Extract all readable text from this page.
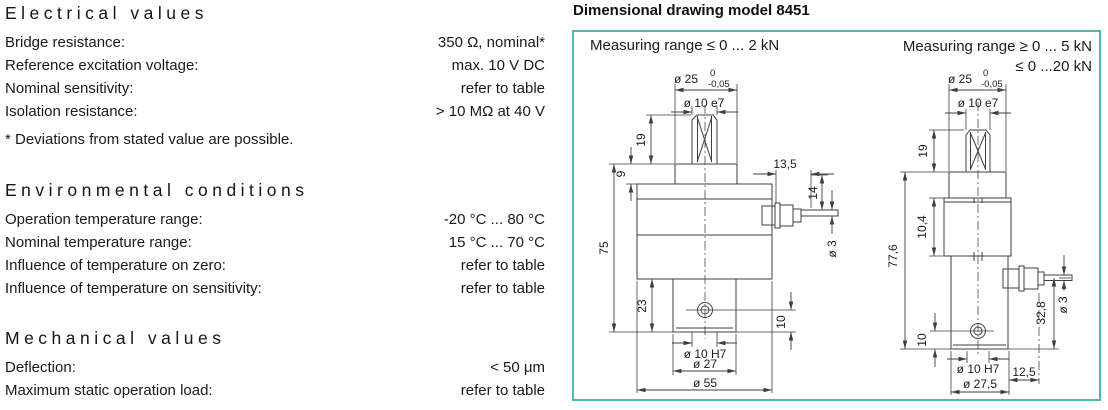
Electrical values
Bridge resistance:	350 Ω, nominal*
Reference excitation voltage:	max. 10 V DC
Nominal sensitivity:	refer to table
Isolation resistance:	> 10 MΩ at 40 V
* Deviations from stated value are possible.
Environmental conditions
Operation temperature range:	-20 °C ... 80 °C
Nominal temperature range:	15 °C ... 70 °C
Influence of temperature on zero:	refer to table
Influence of temperature on sensitivity:	refer to table
Mechanical values
Deflection:	< 50 μm
Maximum static operation load:	refer to table
Dimensional drawing model 8451
Measuring range ≤ 0 ... 2 kN	Measuring range ≥ 0 ... 5 kN
≤ 0 ...20 kN
ø 25 0
-0,05
ø 10 e7
19
9
75
23
13,5
14
ø 3
10
ø 10 H7
ø 27
ø 55
ø 25 0
-0,05
ø 10 e7
19
10,4
77,6
32,8 ø 3
10
ø 10 H7 12,5
ø 27,5
